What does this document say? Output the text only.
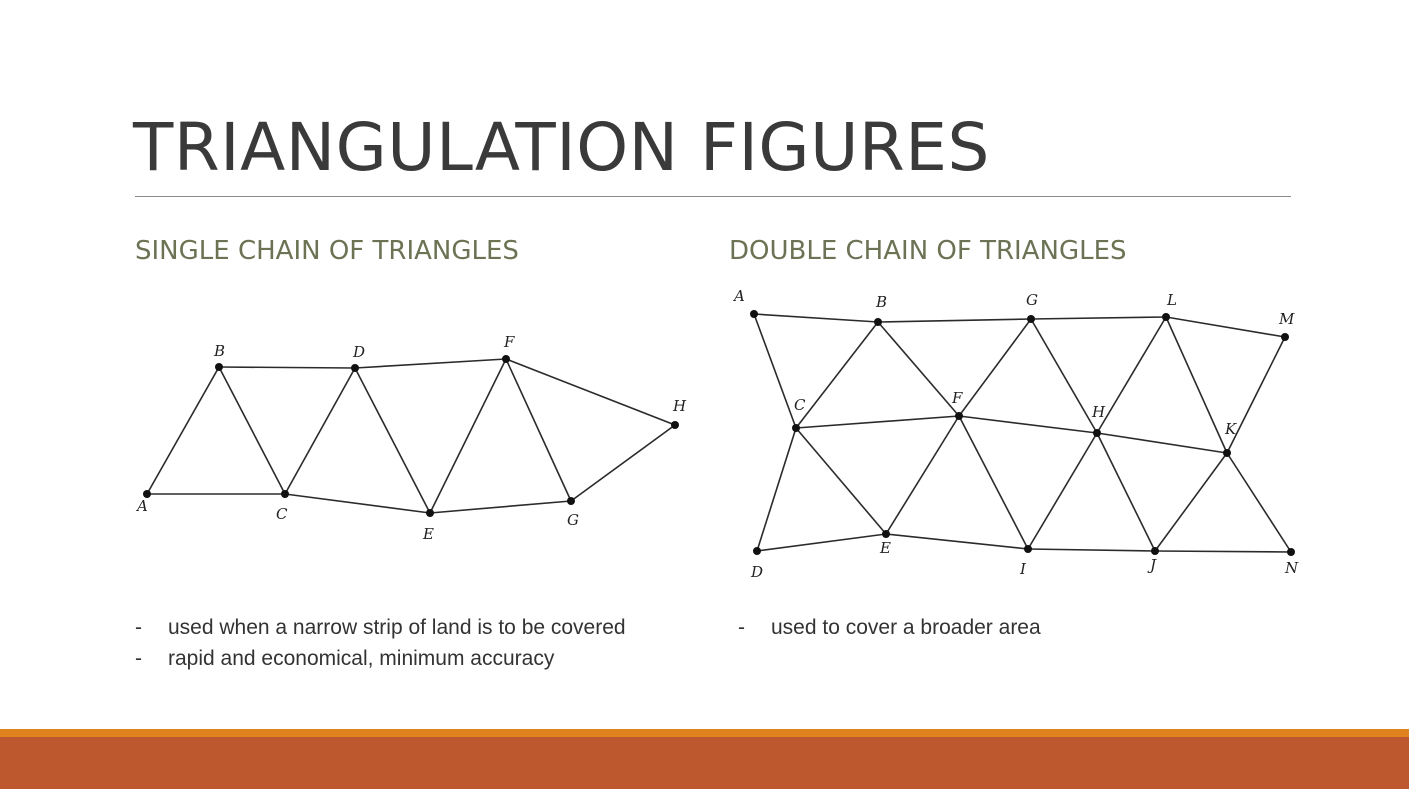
TRIANGULATION FIGURES
SINGLE CHAIN OF TRIANGLES	DOUBLE CHAIN OF TRIANGLES
A
B
C
D
E
F
G
H
A	B	G	L
M
C	F
H
K
D
E
I	J	N
- used when a narrow strip of land is to be covered
- rapid and economical, minimum accuracy
- used to cover a broader area
